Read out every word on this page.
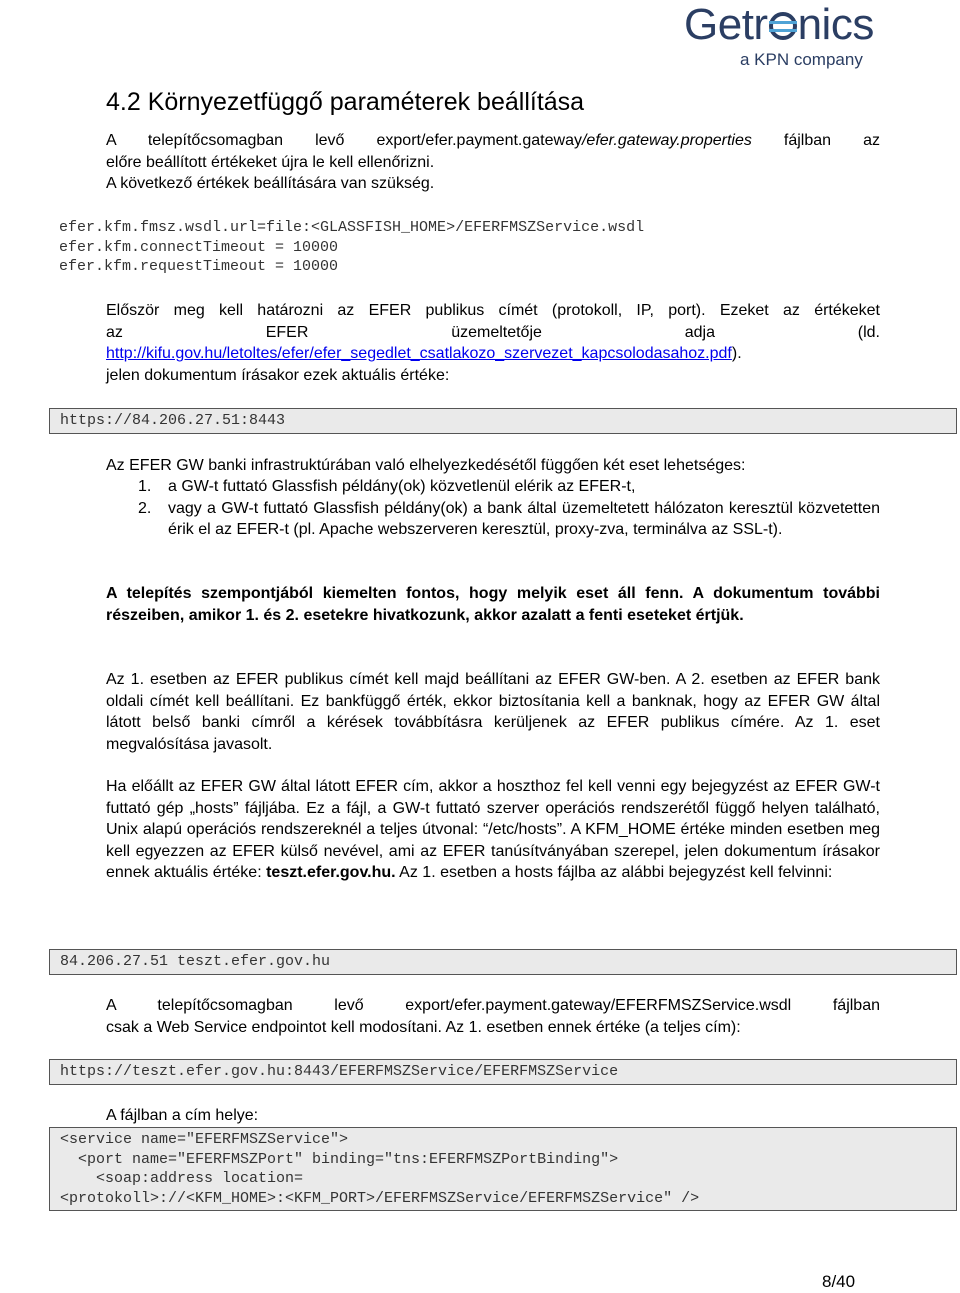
Getr nics
a KPN company
4.2 Környezetfüggő paraméterek beállítása
A telepítőcsomagban levő export/efer.payment.gateway/efer.gateway.properties fájlban az
előre beállított értékeket újra le kell ellenőrizni.
A következő értékek beállítására van szükség.
efer.kfm.fmsz.wsdl.url=file:<GLASSFISH_HOME>/EFERFMSZService.wsdl
efer.kfm.connectTimeout = 10000
efer.kfm.requestTimeout = 10000
Először meg kell határozni az EFER publikus címét (protokoll, IP, port). Ezeket az értékeket
az EFER üzemeltetője adja (ld.
http://kifu.gov.hu/letoltes/efer/efer_segedlet_csatlakozo_szervezet_kapcsolodasahoz.pdf).
jelen dokumentum írásakor ezek aktuális értéke:
https://84.206.27.51:8443
Az EFER GW banki infrastruktúrában való elhelyezkedésétől függően két eset lehetséges:
1. a GW-t futtató Glassfish példány(ok) közvetlenül elérik az EFER-t,
2. vagy a GW-t futtató Glassfish példány(ok) a bank által üzemeltetett hálózaton keresztül közvetetten érik el az EFER-t (pl. Apache webszerveren keresztül, proxy-zva, terminálva az SSL-t).
A telepítés szempontjából kiemelten fontos, hogy melyik eset áll fenn. A dokumentum további részeiben, amikor 1. és 2. esetekre hivatkozunk, akkor azalatt a fenti eseteket értjük.
Az 1. esetben az EFER publikus címét kell majd beállítani az EFER GW-ben. A 2. esetben az EFER bank oldali címét kell beállítani. Ez bankfüggő érték, ekkor biztosítania kell a banknak, hogy az EFER GW által látott belső banki címről a kérések továbbításra kerüljenek az EFER publikus címére. Az 1. eset megvalósítása javasolt.
Ha előállt az EFER GW által látott EFER cím, akkor a hoszthoz fel kell venni egy bejegyzést az EFER GW-t futtató gép „hosts” fájljába. Ez a fájl, a GW-t futtató szerver operációs rendszerétől függő helyen található, Unix alapú operációs rendszereknél a teljes útvonal: “/etc/hosts”. A KFM_HOME értéke minden esetben meg kell egyezzen az EFER külső nevével, ami az EFER tanúsítványában szerepel, jelen dokumentum írásakor ennek aktuális értéke: teszt.efer.gov.hu. Az 1. esetben a hosts fájlba az alábbi bejegyzést kell felvinni:
84.206.27.51 teszt.efer.gov.hu
A telepítőcsomagban levő export/efer.payment.gateway/EFERFMSZService.wsdl fájlban
csak a Web Service endpointot kell modosítani. Az 1. esetben ennek értéke (a teljes cím):
https://teszt.efer.gov.hu:8443/EFERFMSZService/EFERFMSZService
A fájlban a cím helye:
<service name="EFERFMSZService">
<port name="EFERFMSZPort" binding="tns:EFERFMSZPortBinding">
<soap:address location=
<protokoll>://<KFM_HOME>:<KFM_PORT>/EFERFMSZService/EFERFMSZService" />
8/40
